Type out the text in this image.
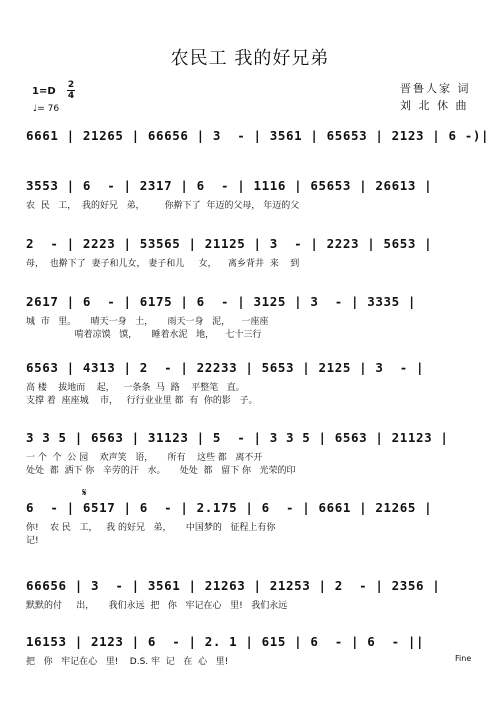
农民工 我的好兄弟
晋鲁人家 词
刘 北 休 曲
1=D
2
4
♩= 76
6661 | 21265 | 66656 | 3  - | 3561 | 65653 | 2123 | 6 -)|
3553 | 6  - | 2317 | 6  - | 1116 | 65653 | 26613 |
农  民   工，  我的好兄   弟，       你擀下了  年迈的父母， 年迈的父
2  - | 2223 | 53565 | 21125 | 3  - | 2223 | 5653 |
母，  也擀下了  妻子和儿女， 妻子和儿     女，    离乡背井  来    到
2617 | 6  - | 6175 | 6  - | 3125 | 3  - | 3335 |
城  市   里。     晴天一身   土，     雨天一身   泥，    一座座
啃着凉馍   馍，     睡着水泥   地，    七十三行
6563 | 4313 | 2  - | 22233 | 5653 | 2125 | 3  - |
高 楼    拔地而    起，   一条条  马  路    平整笔   直。
支撑 着  座座城    市，   行行业业里 都  有  你的影   子。
3 3 5 | 6563 | 31123 | 5  - | 3 3 5 | 6563 | 21123 |
一 个  个  公 园    欢声笑   语，     所有    这些 都   离不开
处处  都  洒下 你   辛劳的汗   水。     处处  都   留下 你   光荣的印
𝄋
6  - | 6517 | 6  - | 2.175 | 6  - | 6661 | 21265 |
你!    农 民   工，   我 的好兄   弟，     中国梦的   征程上有你
记!
66656 | 3  - | 3561 | 21263 | 21253 | 2  - | 2356 |
默默的付     出，     我们永远  把   你   牢记在心   里!   我们永远
16153 | 2123 | 6  - | 2. 1 | 615 | 6  - | 6  - ||
把   你   牢记在心   里!    D.S. 牢  记   在  心   里!	Fine
